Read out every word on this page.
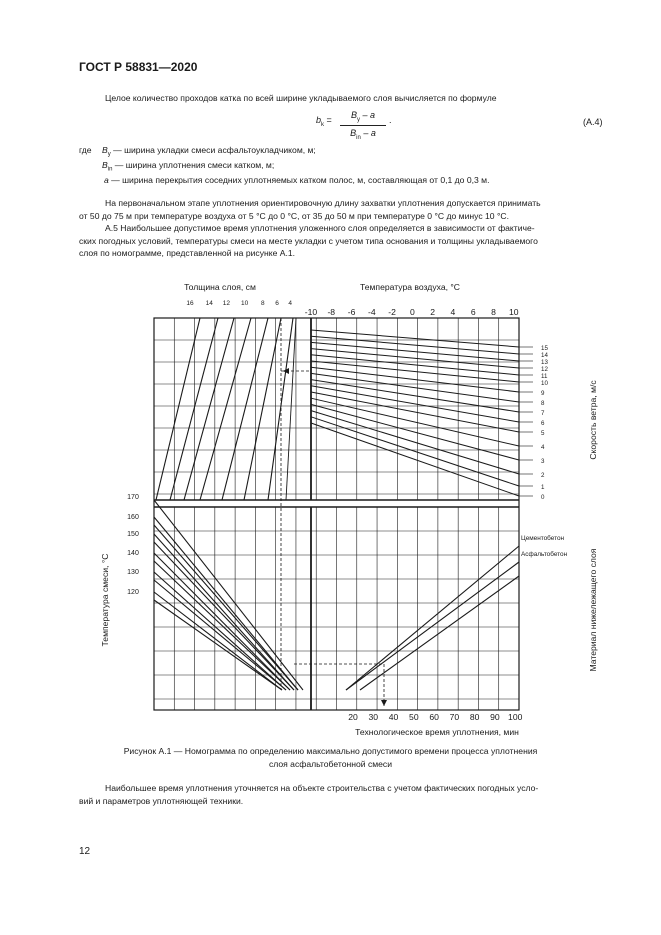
ГОСТ Р 58831—2020
Целое количество проходов катка по всей ширине укладываемого слоя вычисляется по формуле
$b_k$ =	$B_y$ – a
$B_{in}$ – a
.	(А.4)
где $B_y$ — ширина укладки смеси асфальтоукладчиком, м;
$B_{in}$ — ширина уплотнения смеси катком, м;
a — ширина перекрытия соседних уплотняемых катком полос, м, составляющая от 0,1 до 0,3 м.
На первоначальном этапе уплотнения ориентировочную длину захватки уплотнения допускается принимать
от 50 до 75 м при температуре воздуха от 5 °С до 0 °С, от 35 до 50 м при температуре 0 °С до минус 10 °С.
А.5 Наибольшее допустимое время уплотнения уложенного слоя определяется в зависимости от фактиче-
ских погодных условий, температуры смеси на месте укладки с учетом типа основания и толщины укладываемого
слоя по номограмме, представленной на рисунке А.1.
16 14 12 10 8 6 4
Толщина слоя, см
-10 -8 -6 -4 -2 0 2 4 6 8 10
Температура воздуха, °С
15
14
13
12
11
10
9
8
7
6
5
4
3
2
1
0
Скорость ветра, м/с
170
160
150
140
130
120
Температура смеси, °С
Цементобетон
Асфальтобетон Материал нижележащего слоя
20 30 40 50 60 70 80 90 100
Технологическое время уплотнения, мин
Рисунок А.1 — Номограмма по определению максимально допустимого времени процесса уплотнения
слоя асфальтобетонной смеси
Наибольшее время уплотнения уточняется на объекте строительства с учетом фактических погодных усло-
вий и параметров уплотняющей техники.
12
